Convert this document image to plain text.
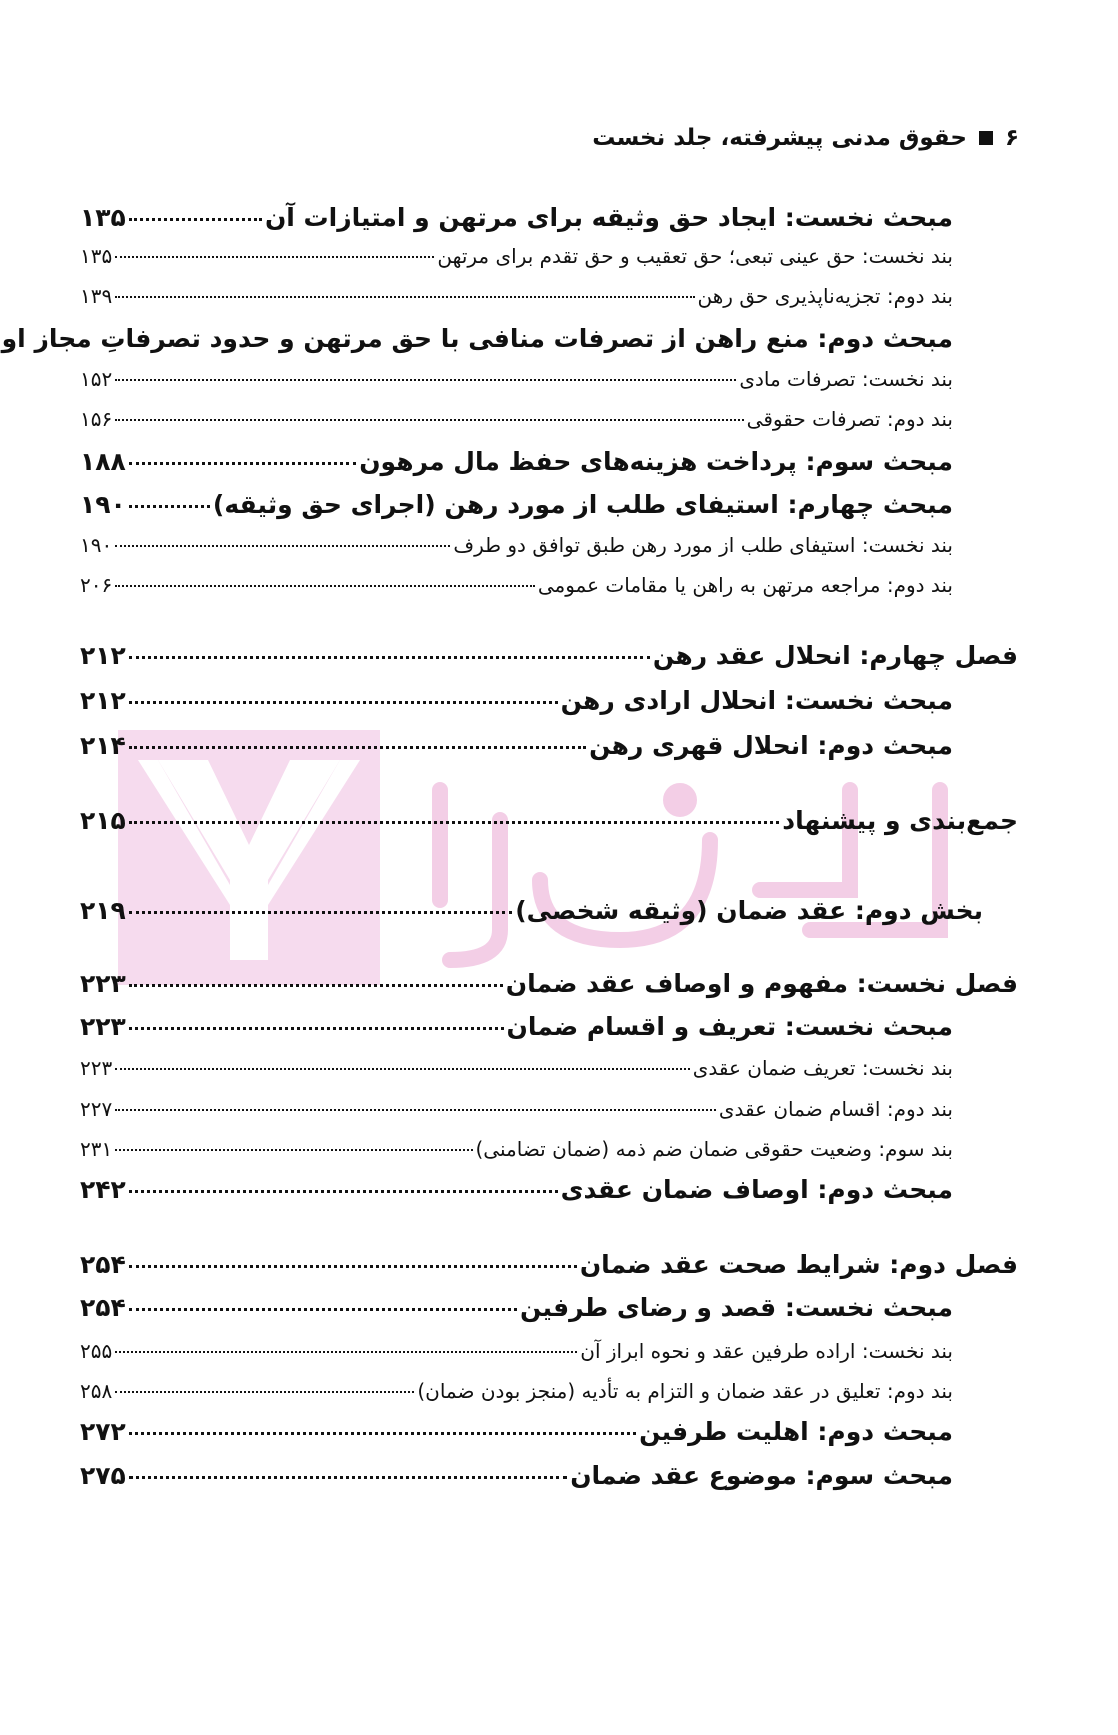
۶
حقوق مدنی پیشرفته، جلد نخست
مبحث نخست: ایجاد حق وثیقه برای مرتهن و امتیازات آن
۱۳۵
بند نخست: حق عینی تبعی؛ حق تعقیب و حق تقدم برای مرتهن
۱۳۵
بند دوم: تجزیه‌ناپذیری حق رهن
۱۳۹
مبحث دوم: منع راهن از تصرفات منافی با حق مرتهن و حدود تصرفاتِ مجاز او
بند نخست: تصرفات مادی
۱۵۲
بند دوم: تصرفات حقوقی
۱۵۶
مبحث سوم: پرداخت هزینه‌های حفظ مال مرهون
۱۸۸
مبحث چهارم: استیفای طلب از مورد رهن (اجرای حق وثیقه)
۱۹۰
بند نخست: استیفای طلب از مورد رهن طبق توافق دو طرف
۱۹۰
بند دوم: مراجعه مرتهن به راهن یا مقامات عمومی
۲۰۶
فصل چهارم: انحلال عقد رهن
۲۱۲
مبحث نخست: انحلال ارادی رهن
۲۱۲
مبحث دوم: انحلال قهری رهن
۲۱۴
جمع‌بندی و پیشنهاد
۲۱۵
بخش دوم: عقد ضمان (وثیقه شخصی)
۲۱۹
فصل نخست: مفهوم و اوصاف عقد ضمان
۲۲۳
مبحث نخست: تعریف و اقسام ضمان
۲۲۳
بند نخست: تعریف ضمان عقدی
۲۲۳
بند دوم: اقسام ضمان عقدی
۲۲۷
بند سوم: وضعیت حقوقی ضمان ضم ذمه (ضمان تضامنی)
۲۳۱
مبحث دوم: اوصاف ضمان عقدی
۲۴۲
فصل دوم: شرایط صحت عقد ضمان
۲۵۴
مبحث نخست: قصد و رضای طرفین
۲۵۴
بند نخست: اراده طرفین عقد و نحوه ابراز آن
۲۵۵
بند دوم: تعلیق در عقد ضمان و التزام به تأدیه (منجز بودن ضمان)
۲۵۸
مبحث دوم: اهلیت طرفین
۲۷۲
مبحث سوم: موضوع عقد ضمان
۲۷۵
